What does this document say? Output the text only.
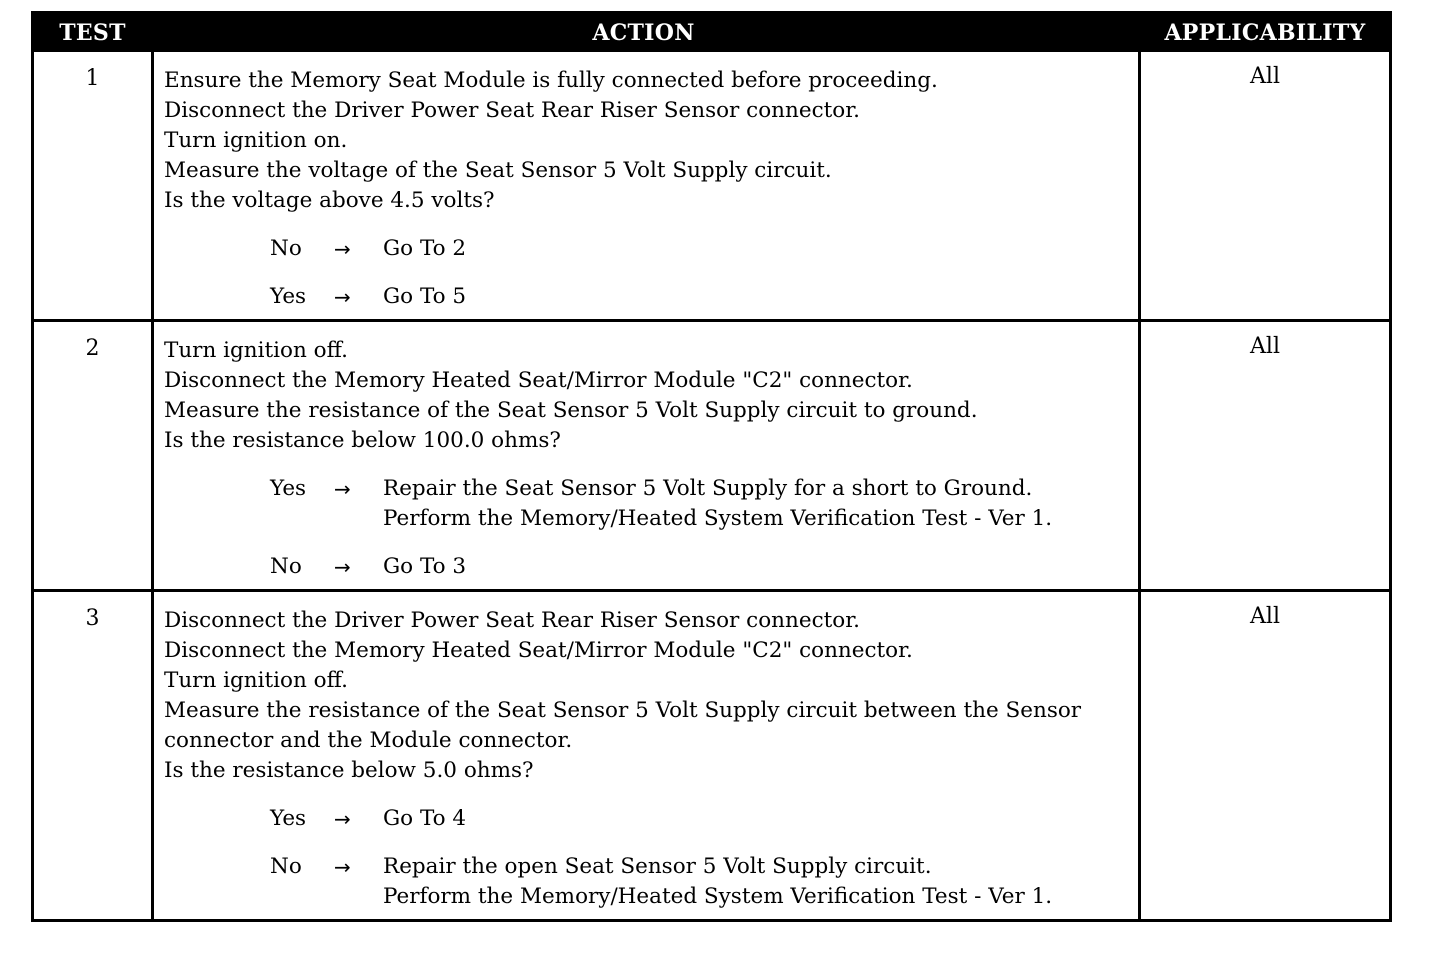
TEST	ACTION	APPLICABILITY
1	Ensure the Memory Seat Module is fully connected before proceeding.
Disconnect the Driver Power Seat Rear Riser Sensor connector.
Turn ignition on.
Measure the voltage of the Seat Sensor 5 Volt Supply circuit.
Is the voltage above 4.5 volts?
No → Go To 2
Yes → Go To 5
All
2	Turn ignition off.
Disconnect the Memory Heated Seat/Mirror Module "C2" connector.
Measure the resistance of the Seat Sensor 5 Volt Supply circuit to ground.
Is the resistance below 100.0 ohms?
Yes → Repair the Seat Sensor 5 Volt Supply for a short to Ground.
Perform the Memory/Heated System Verification Test - Ver 1.
No → Go To 3
All
3	Disconnect the Driver Power Seat Rear Riser Sensor connector.
Disconnect the Memory Heated Seat/Mirror Module "C2" connector.
Turn ignition off.
Measure the resistance of the Seat Sensor 5 Volt Supply circuit between the Sensor
connector and the Module connector.
Is the resistance below 5.0 ohms?
Yes → Go To 4
No → Repair the open Seat Sensor 5 Volt Supply circuit.
Perform the Memory/Heated System Verification Test - Ver 1.
All
